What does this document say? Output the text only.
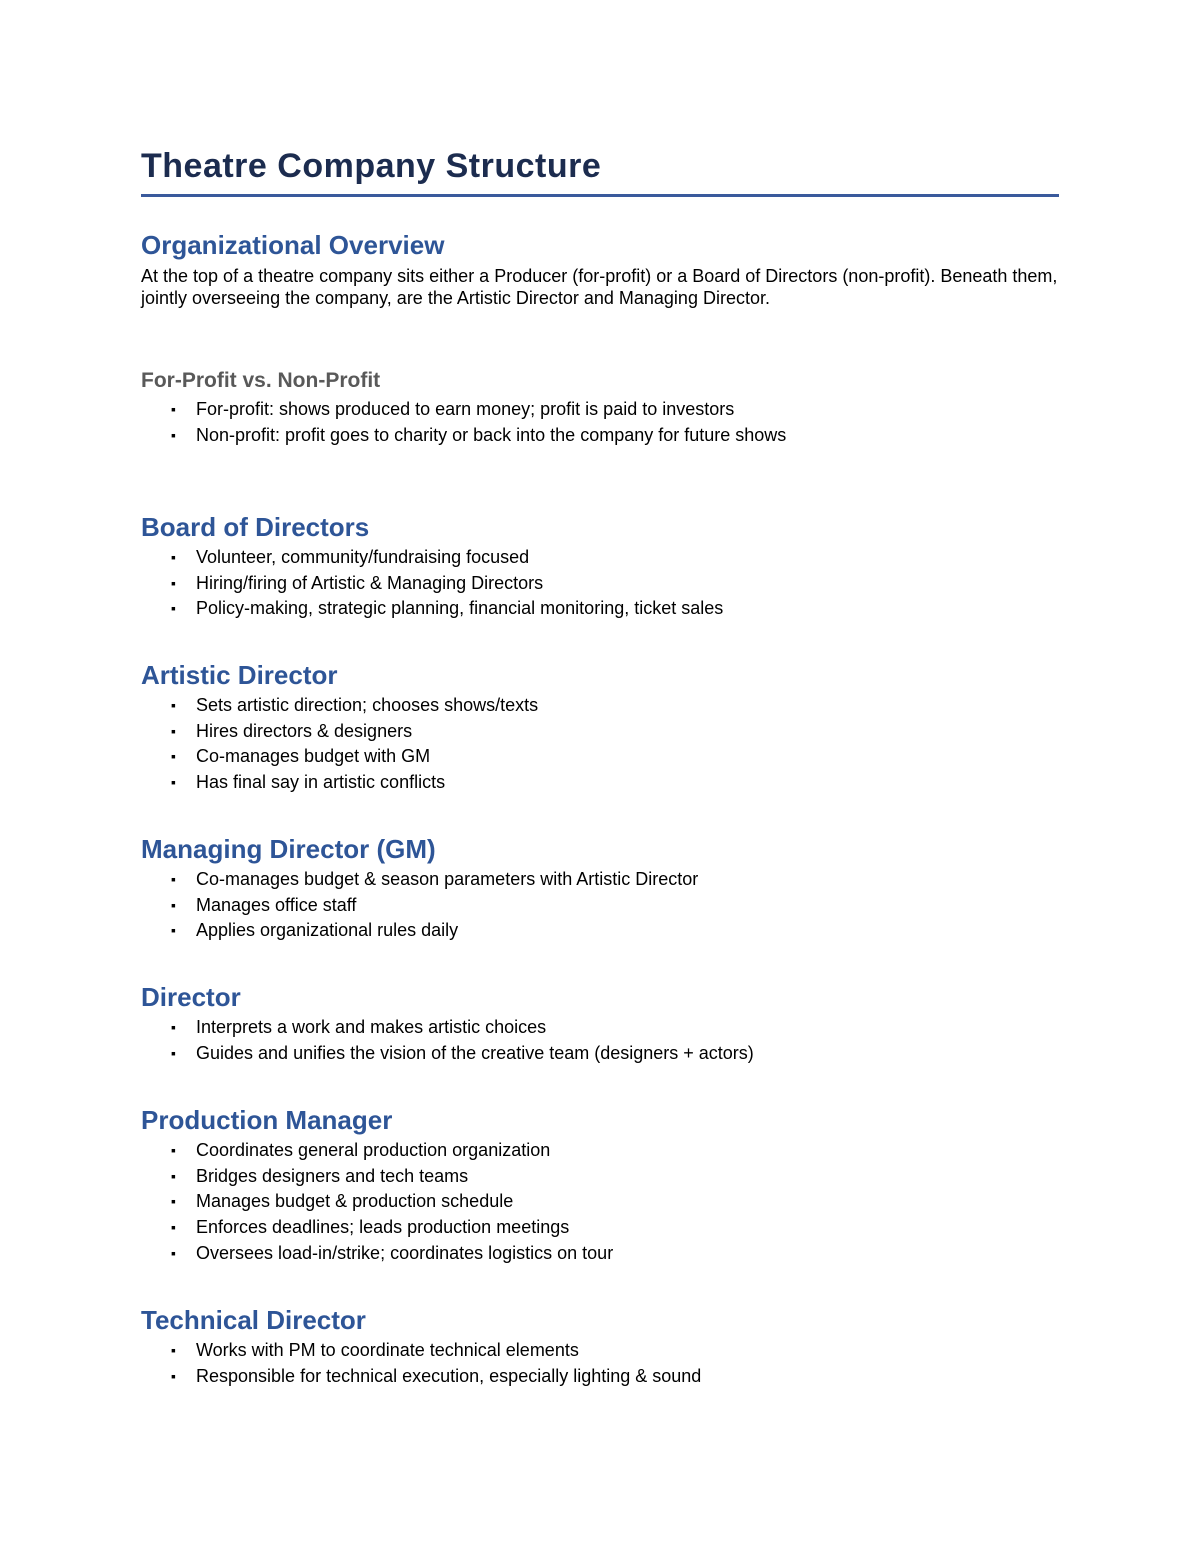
Theatre Company Structure
Organizational Overview

At the top of a theatre company sits either a Producer (for-profit) or a Board of Directors (non-profit). Beneath them, jointly overseeing the company, are the Artistic Director and Managing Director.

For-Profit vs. Non-Profit
▪ For-profit: shows produced to earn money; profit is paid to investors
▪ Non-profit: profit goes to charity or back into the company for future shows
Board of Directors
▪ Volunteer, community/fundraising focused
▪ Hiring/firing of Artistic & Managing Directors
▪ Policy-making, strategic planning, financial monitoring, ticket sales
Artistic Director
▪ Sets artistic direction; chooses shows/texts
▪ Hires directors & designers
▪ Co-manages budget with GM
▪ Has final say in artistic conflicts
Managing Director (GM)
▪ Co-manages budget & season parameters with Artistic Director
▪ Manages office staff
▪ Applies organizational rules daily
Director
▪ Interprets a work and makes artistic choices
▪ Guides and unifies the vision of the creative team (designers + actors)
Production Manager
▪ Coordinates general production organization
▪ Bridges designers and tech teams
▪ Manages budget & production schedule
▪ Enforces deadlines; leads production meetings
▪ Oversees load-in/strike; coordinates logistics on tour
Technical Director
▪ Works with PM to coordinate technical elements
▪ Responsible for technical execution, especially lighting & sound
